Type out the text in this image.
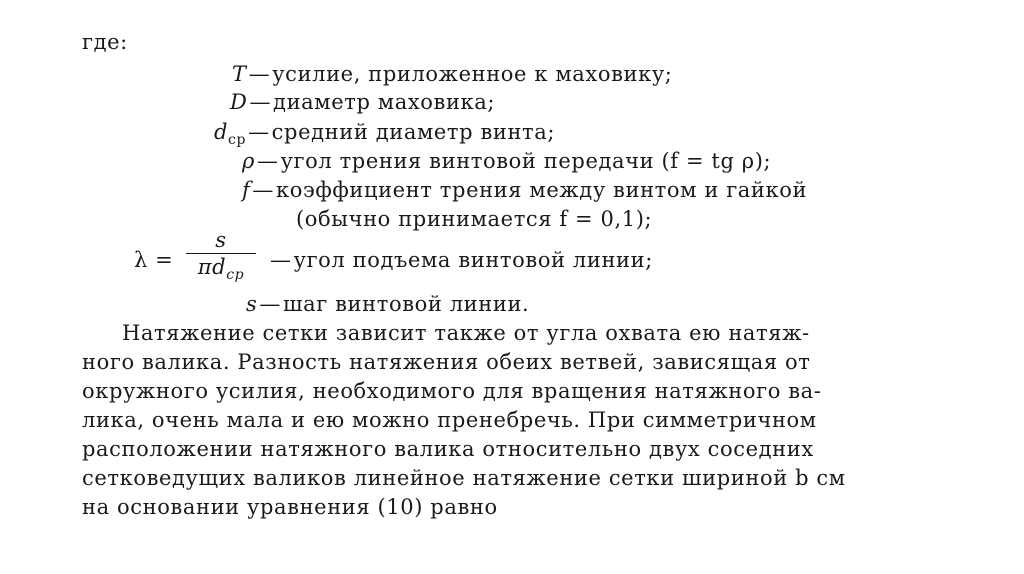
где:
T—усилие, приложенное к маховику;
D—диаметр маховика;
$d_{ср}—средний$ диаметр винта;
ρ—угол трения винтовой передачи (f = tg ρ);
f—коэффициент трения между винтом и гайкой
(обычно принимается f = 0,1);
λ =
s
$\pi d_{ср}$
—угол подъема винтовой линии;
s—шаг винтовой линии.
Натяжение сетки зависит также от угла охвата ею натяж-
ного валика. Разность натяжения обеих ветвей, зависящая от
окружного усилия, необходимого для вращения натяжного ва-
лика, очень мала и ею можно пренебречь. При симметричном
расположении натяжного валика относительно двух соседних
сетковедущих валиков линейное натяжение сетки шириной b см
на основании уравнения (10) равно
